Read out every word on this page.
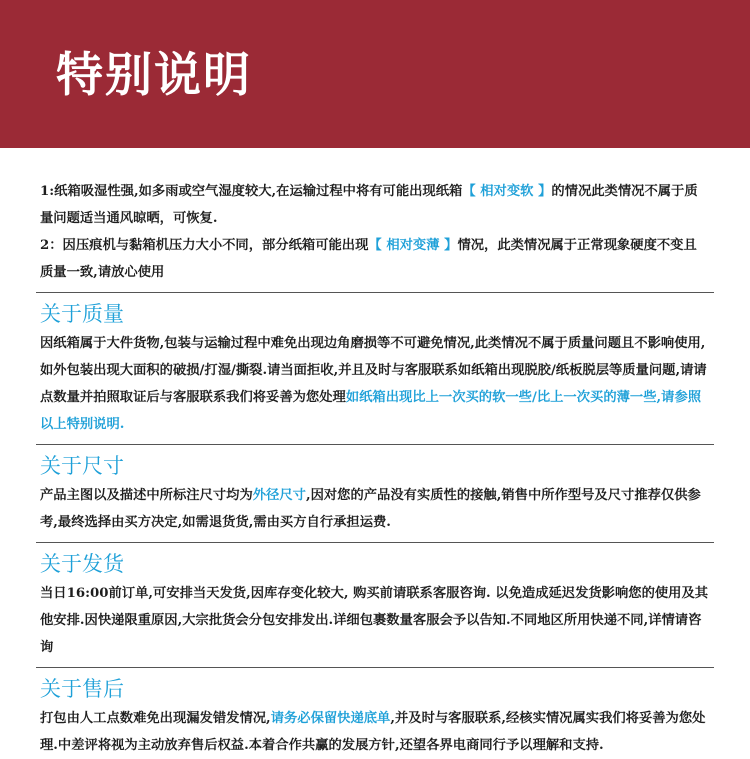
特别说明

1:纸箱吸湿性强,如多雨或空气湿度较大,在运输过程中将有可能出现纸箱【 相对变软 】的情况此类情况不属于质量问题适当通风晾晒，可恢复.

2：因压痕机与黏箱机压力大小不同，部分纸箱可能出现【 相对变薄 】情况，此类情况属于正常现象硬度不变且质量一致,请放心使用

关于质量

因纸箱属于大件货物,包装与运输过程中难免出现边角磨损等不可避免情况,此类情况不属于质量问题且不影响使用,如外包装出现大面积的破损/打湿/撕裂.请当面拒收,并且及时与客服联系如纸箱出现脱胶/纸板脱层等质量问题,请请点数量并拍照取证后与客服联系我们将妥善为您处理如纸箱出现比上一次买的软一些/比上一次买的薄一些,请参照以上特别说明.

关于尺寸

产品主图以及描述中所标注尺寸均为外径尺寸,因对您的产品没有实质性的接触,销售中所作型号及尺寸推荐仅供参考,最终选择由买方决定,如需退货货,需由买方自行承担运费.

关于发货

当日16:00前订单,可安排当天发货,因库存变化较大, 购买前请联系客服咨询. 以免造成延迟发货影响您的使用及其他安排.因快递限重原因,大宗批货会分包安排发出.详细包裹数量客服会予以告知.不同地区所用快递不同,详情请咨询

关于售后

打包由人工点数难免出现漏发错发情况,请务必保留快递底单,并及时与客服联系,经核实情况属实我们将妥善为您处理.中差评将视为主动放弃售后权益.本着合作共赢的发展方针,还望各界电商同行予以理解和支持.
